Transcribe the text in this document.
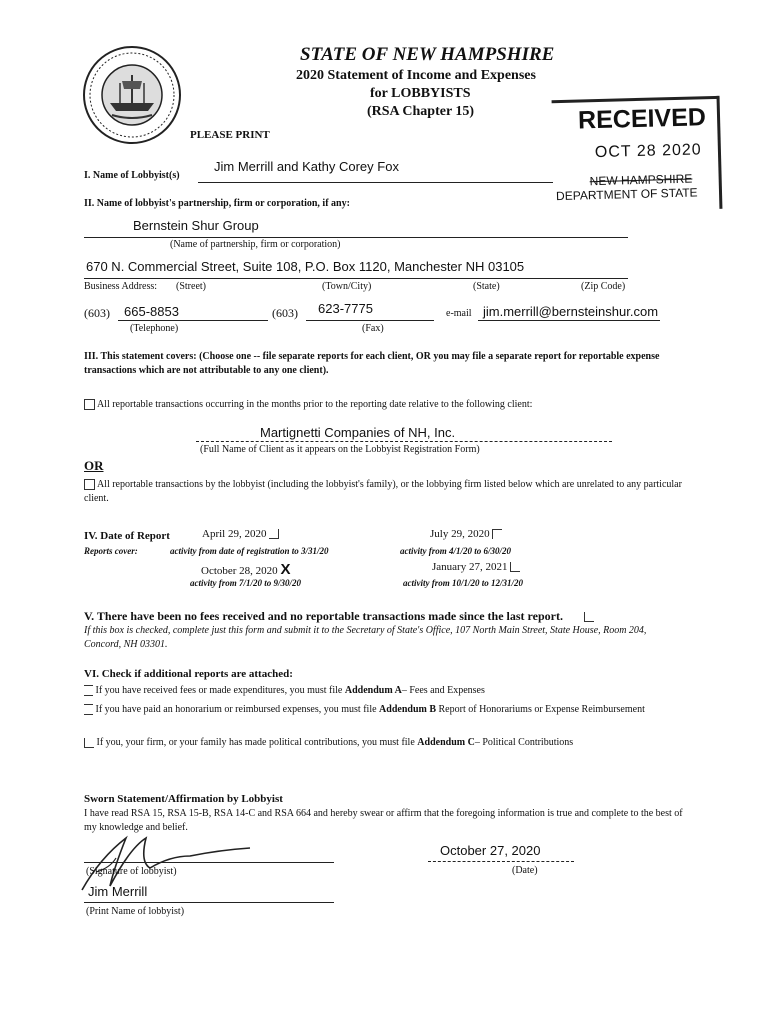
STATE OF NEW HAMPSHIRE
2020 Statement of Income and Expenses
for LOBBYISTS
(RSA Chapter 15)
PLEASE PRINT
RECEIVED
OCT 28 2020
NEW HAMPSHIRE
DEPARTMENT OF STATE
I. Name of Lobbyist(s)
Jim Merrill and Kathy Corey Fox
II. Name of lobbyist's partnership, firm or corporation, if any:
Bernstein Shur Group
(Name of partnership, firm or corporation)
670 N. Commercial Street, Suite 108, P.O. Box 1120, Manchester NH 03105
Business Address: (Street)	(Town/City)	(State)	(Zip Code)
(603) 665-8853
(Telephone)
(603) 623-7775
(Fax)
e-mail jim.merrill@bernsteinshur.com
III. This statement covers: (Choose one -- file separate reports for each client, OR you may file a separate report for reportable expense transactions which are not attributable to any one client).
All reportable transactions occurring in the months prior to the reporting date relative to the following client:
Martignetti Companies of NH, Inc.
(Full Name of Client as it appears on the Lobbyist Registration Form)
OR
All reportable transactions by the lobbyist (including the lobbyist's family), or the lobbying firm listed below which are unrelated to any particular client.
IV. Date of Report
Reports cover:
April 29, 2020
activity from date of registration to 3/31/20
July 29, 2020
activity from 4/1/20 to 6/30/20
October 28, 2020 X
activity from 7/1/20 to 9/30/20
January 27, 2021
activity from 10/1/20 to 12/31/20
V. There have been no fees received and no reportable transactions made since the last report.
If this box is checked, complete just this form and submit it to the Secretary of State's Office, 107 North Main Street, State House, Room 204, Concord, NH 03301.
VI. Check if additional reports are attached:
If you have received fees or made expenditures, you must file Addendum A– Fees and Expenses
If you have paid an honorarium or reimbursed expenses, you must file Addendum B Report of Honorariums or Expense Reimbursement
If you, your firm, or your family has made political contributions, you must file Addendum C– Political Contributions
Sworn Statement/Affirmation by Lobbyist
I have read RSA 15, RSA 15-B, RSA 14-C and RSA 664 and hereby swear or affirm that the foregoing information is true and complete to the best of my knowledge and belief.
(Signature of lobbyist)
October 27, 2020
(Date)
Jim Merrill
(Print Name of lobbyist)
